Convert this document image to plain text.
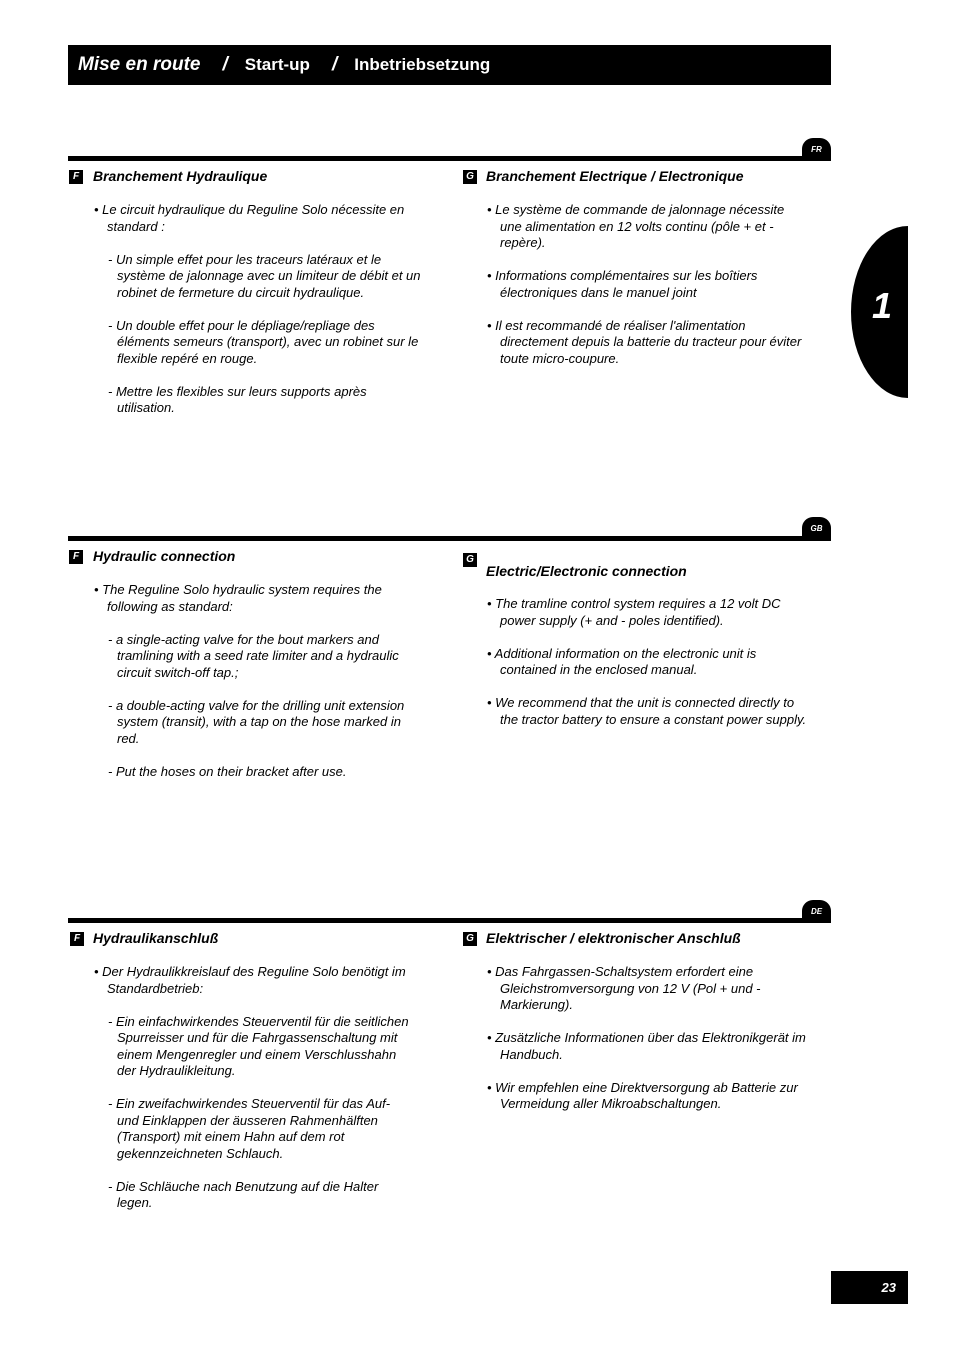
Mise en route / Start-up / Inbetriebsetzung
1
FR
F Branchement Hydraulique

• Le circuit hydraulique du Reguline Solo nécessite en standard :

- Un simple effet pour les traceurs latéraux et le système de jalonnage avec un limiteur de débit et un robinet de fermeture du circuit hydraulique.

- Un double effet pour le dépliage/repliage des éléments semeurs (transport), avec un robinet sur le flexible repéré en rouge.

- Mettre les flexibles sur leurs supports après utilisation.

G Branchement Electrique / Electronique

• Le système de commande de jalonnage nécessite une alimentation en 12 volts continu (pôle + et - repère).

• Informations complémentaires sur les boîtiers électroniques dans le manuel joint

• Il est recommandé de réaliser l'alimentation directement depuis la batterie du tracteur pour éviter toute micro-coupure.

GB
F Hydraulic connection

• The Reguline Solo hydraulic system requires the following as standard:

- a single-acting valve for the bout markers and tramlining with a seed rate limiter and a hydraulic circuit switch-off tap.;

- a double-acting valve for the drilling unit extension system (transit), with a tap on the hose marked in red.

- Put the hoses on their bracket after use.

G
Electric/Electronic connection

• The tramline control system requires a 12 volt DC power supply (+ and - poles identified).

• Additional information on the electronic unit is contained in the enclosed manual.

• We recommend that the unit is connected directly to the tractor battery to ensure a constant power supply.

DE
F Hydraulikanschluß

• Der Hydraulikkreislauf des Reguline Solo benötigt im Standardbetrieb:

- Ein einfachwirkendes Steuerventil für die seitlichen Spurreisser und für die Fahrgassenschaltung mit einem Mengenregler und einem Verschlusshahn der Hydraulikleitung.

- Ein zweifachwirkendes Steuerventil für das Auf- und Einklappen der äusseren Rahmenhälften (Transport) mit einem Hahn auf dem rot gekennzeichneten Schlauch.

- Die Schläuche nach Benutzung auf die Halter legen.

G Elektrischer / elektronischer Anschluß

• Das Fahrgassen-Schaltsystem erfordert eine Gleichstromversorgung von 12 V (Pol + und - Markierung).

• Zusätzliche Informationen über das Elektronikgerät im Handbuch.

• Wir empfehlen eine Direktversorgung ab Batterie zur Vermeidung aller Mikroabschaltungen.

23
